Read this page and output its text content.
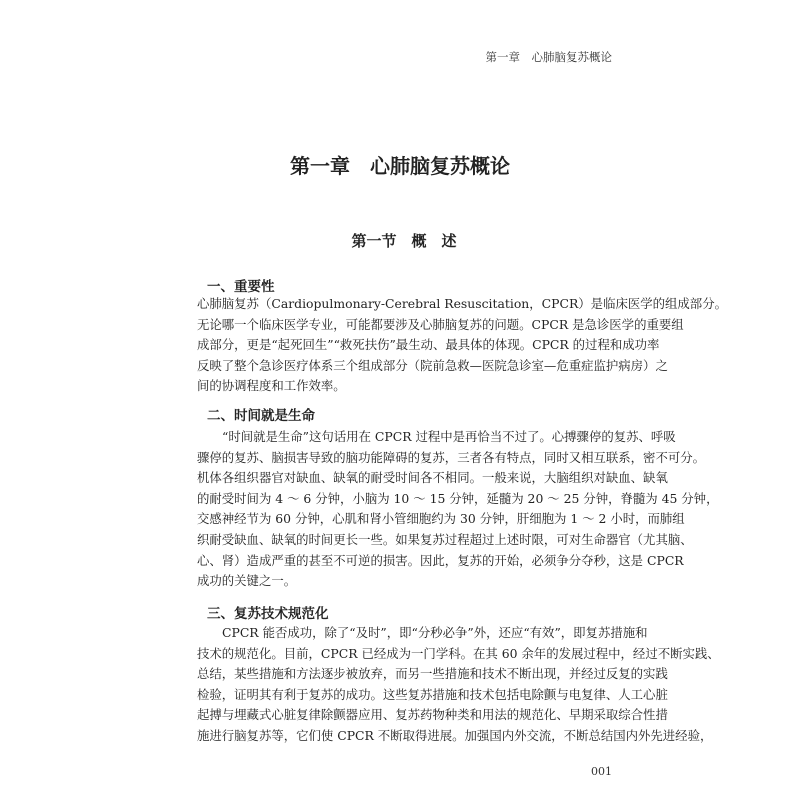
第一章　心肺脑复苏概论
第一章　心肺脑复苏概论
第一节　概　述
一、重要性
心肺脑复苏（Cardiopulmonary-Cerebral Resuscitation，CPCR）是临床医学的组成部分。
无论哪一个临床医学专业，可能都要涉及心肺脑复苏的问题。CPCR 是急诊医学的重要组
成部分，更是“起死回生”“救死扶伤”最生动、最具体的体现。CPCR 的过程和成功率
反映了整个急诊医疗体系三个组成部分（院前急救—医院急诊室—危重症监护病房）之
间的协调程度和工作效率。
二、时间就是生命
“时间就是生命”这句话用在 CPCR 过程中是再恰当不过了。心搏骤停的复苏、呼吸
骤停的复苏、脑损害导致的脑功能障碍的复苏，三者各有特点，同时又相互联系，密不可分。
机体各组织器官对缺血、缺氧的耐受时间各不相同。一般来说，大脑组织对缺血、缺氧
的耐受时间为 4 ～ 6 分钟，小脑为 10 ～ 15 分钟，延髓为 20 ～ 25 分钟，脊髓为 45 分钟，
交感神经节为 60 分钟，心肌和肾小管细胞约为 30 分钟，肝细胞为 1 ～ 2 小时，而肺组
织耐受缺血、缺氧的时间更长一些。如果复苏过程超过上述时限，可对生命器官（尤其脑、
心、肾）造成严重的甚至不可逆的损害。因此，复苏的开始，必须争分夺秒，这是 CPCR
成功的关键之一。
三、复苏技术规范化
CPCR 能否成功，除了“及时”，即“分秒必争”外，还应“有效”，即复苏措施和
技术的规范化。目前，CPCR 已经成为一门学科。在其 60 余年的发展过程中，经过不断实践、
总结，某些措施和方法逐步被放弃，而另一些措施和技术不断出现，并经过反复的实践
检验，证明其有利于复苏的成功。这些复苏措施和技术包括电除颤与电复律、人工心脏
起搏与埋藏式心脏复律除颤器应用、复苏药物种类和用法的规范化、早期采取综合性措
施进行脑复苏等，它们使 CPCR 不断取得进展。加强国内外交流，不断总结国内外先进经验，
001
